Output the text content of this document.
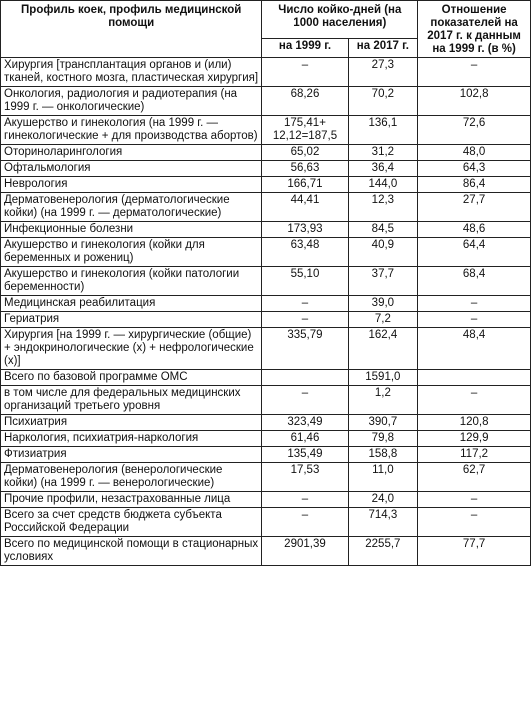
Профиль коек, профиль медицинской помощи	Число койко-дней (на 1000 населения)		Отношение показателей на 2017 г. к данным на 1999 г. (в %)
	на 1999 г.	на 2017 г.	
Хирургия [трансплантация органов и (или) тканей, костного мозга, пластическая хирургия]	–	27,3	–
Онкология, радиология и радиотерапия (на 1999 г. — онкологические)	68,26	70,2	102,8
Акушерство и гинекология (на 1999 г. — гинекологические + для производства абортов)	175,41+ 12,12=187,5	136,1	72,6
Оториноларингология	65,02	31,2	48,0
Офтальмология	56,63	36,4	64,3
Неврология	166,71	144,0	86,4
Дерматовенерология (дерматологические койки) (на 1999 г. — дерматологические)	44,41	12,3	27,7
Инфекционные болезни	173,93	84,5	48,6
Акушерство и гинекология (койки для беременных и рожениц)	63,48	40,9	64,4
Акушерство и гинекология (койки патологии беременности)	55,10	37,7	68,4
Медицинская реабилитация	–	39,0	–
Гериатрия	–	7,2	–
Хирургия [на 1999 г. — хирургические (общие) + эндокринологические (х) + нефрологические (х)]	335,79	162,4	48,4
Всего по базовой программе ОМС		1591,0	
в том числе для федеральных медицинских организаций третьего уровня	–	1,2	–
Психиатрия	323,49	390,7	120,8
Наркология, психиатрия-наркология	61,46	79,8	129,9
Фтизиатрия	135,49	158,8	117,2
Дерматовенерология (венерологические койки) (на 1999 г. — венерологические)	17,53	11,0	62,7
Прочие профили, незастрахованные лица	–	24,0	–
Всего за счет средств бюджета субъекта Российской Федерации	–	714,3	–
Всего по медицинской помощи в стационарных условиях	2901,39	2255,7	77,7
